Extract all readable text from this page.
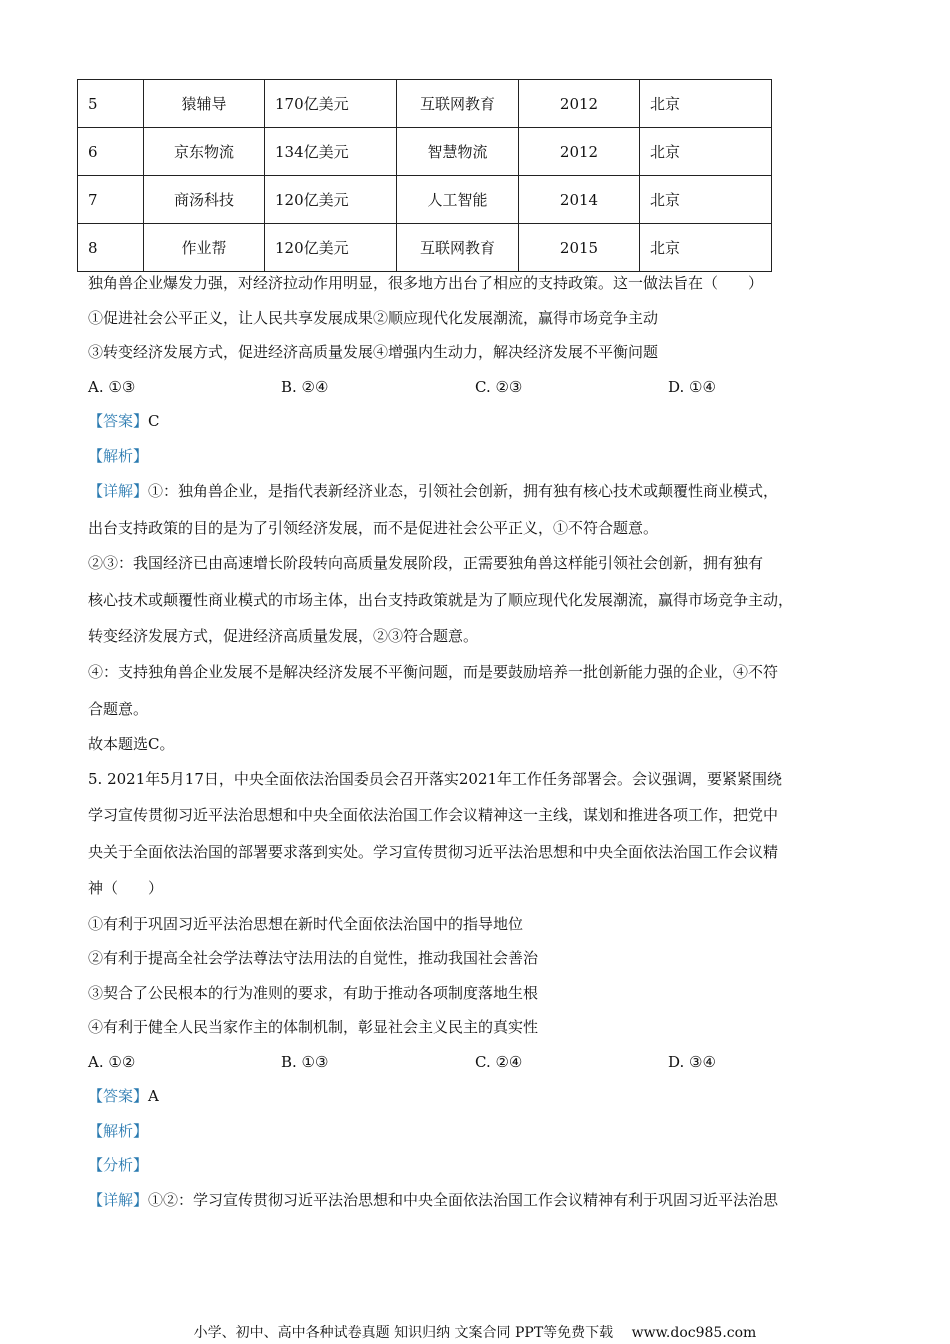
5	猿辅导	170亿美元	互联网教育	2012	北京
6	京东物流	134亿美元	智慧物流	2012	北京
7	商汤科技	120亿美元	人工智能	2014	北京
8	作业帮	120亿美元	互联网教育	2015	北京
独角兽企业爆发力强，对经济拉动作用明显，很多地方出台了相应的支持政策。这一做法旨在（　　）
①促进社会公平正义，让人民共享发展成果②顺应现代化发展潮流，赢得市场竞争主动
③转变经济发展方式，促进经济高质量发展④增强内生动力，解决经济发展不平衡问题
A. ①③	B. ②④	C. ②③	D. ①④
【答案】C
【解析】
【详解】①：独角兽企业，是指代表新经济业态，引领社会创新，拥有独有核心技术或颠覆性商业模式，
出台支持政策的目的是为了引领经济发展，而不是促进社会公平正义，①不符合题意。
②③：我国经济已由高速增长阶段转向高质量发展阶段，正需要独角兽这样能引领社会创新，拥有独有
核心技术或颠覆性商业模式的市场主体，出台支持政策就是为了顺应现代化发展潮流，赢得市场竞争主动，
转变经济发展方式，促进经济高质量发展，②③符合题意。
④：支持独角兽企业发展不是解决经济发展不平衡问题，而是要鼓励培养一批创新能力强的企业，④不符
合题意。
故本题选C。
5. 2021年5月17日，中央全面依法治国委员会召开落实2021年工作任务部署会。会议强调，要紧紧围绕
学习宣传贯彻习近平法治思想和中央全面依法治国工作会议精神这一主线，谋划和推进各项工作，把党中
央关于全面依法治国的部署要求落到实处。学习宣传贯彻习近平法治思想和中央全面依法治国工作会议精
神（　　）
①有利于巩固习近平法治思想在新时代全面依法治国中的指导地位
②有利于提高全社会学法尊法守法用法的自觉性，推动我国社会善治
③契合了公民根本的行为准则的要求，有助于推动各项制度落地生根
④有利于健全人民当家作主的体制机制，彰显社会主义民主的真实性
A. ①②	B. ①③	C. ②④	D. ③④
【答案】A
【解析】
【分析】
【详解】①②：学习宣传贯彻习近平法治思想和中央全面依法治国工作会议精神有利于巩固习近平法治思
小学、初中、高中各种试卷真题 知识归纳 文案合同 PPT等免费下载　 www.doc985.com
